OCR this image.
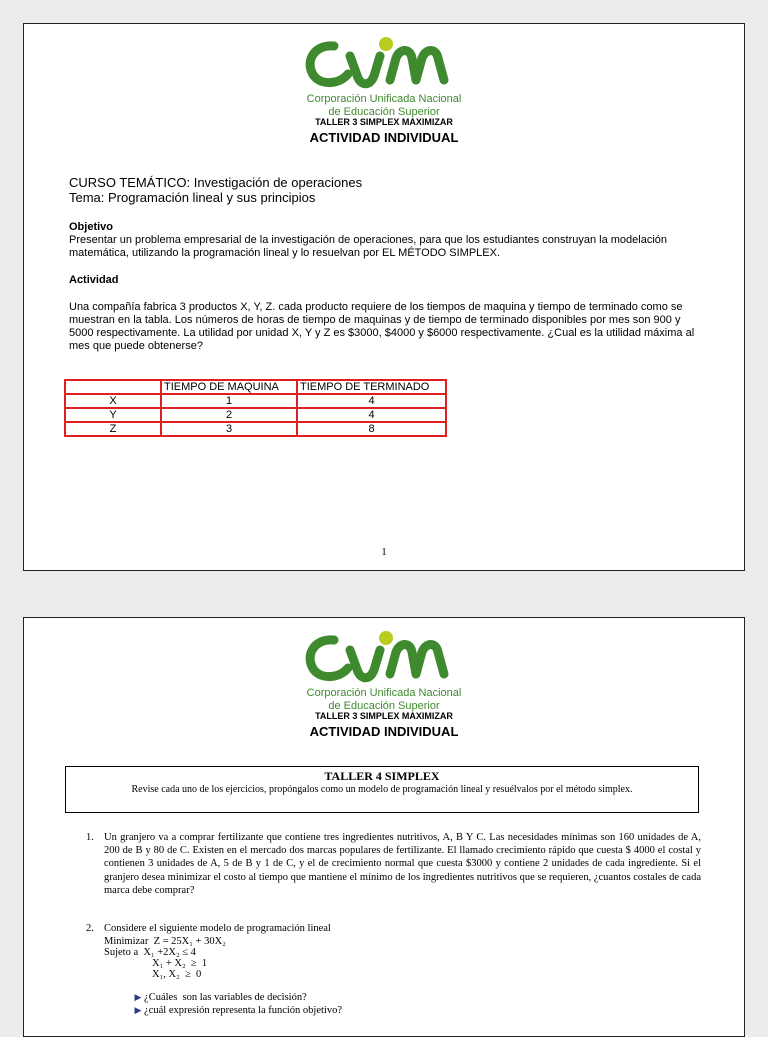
Corporación Unificada Nacional
de Educación Superior
TALLER 3 SIMPLEX MAXIMIZAR
ACTIVIDAD INDIVIDUAL
CURSO TEMÁTICO: Investigación de operaciones
Tema: Programación lineal y sus principios
Objetivo
Presentar un problema empresarial de la investigación de operaciones, para que los estudiantes construyan la modelación matemática, utilizando la programación lineal y lo resuelvan por EL MÉTODO SIMPLEX.
Actividad
Una compañía fabrica 3 productos X, Y, Z. cada producto requiere de los tiempos de maquina y tiempo de terminado como se muestran en la tabla. Los números de horas de tiempo de maquinas y de tiempo de terminado disponibles por mes son 900 y 5000 respectivamente. La utilidad por unidad X, Y y Z es $3000, $4000 y $6000 respectivamente. ¿Cual es la utilidad máxima al mes que puede obtenerse?
	TIEMPO DE MAQUINA	TIEMPO DE TERMINADO
X	1	4
Y	2	4
Z	3	8
1
Corporación Unificada Nacional
de Educación Superior
TALLER 3 SIMPLEX MAXIMIZAR
ACTIVIDAD INDIVIDUAL
TALLER 4 SIMPLEX
Revise cada uno de los ejercicios, propóngalos como un modelo de programación lineal y resuélvalos por el método simplex.
1. Un granjero va a comprar fertilizante que contiene tres ingredientes nutritivos, A, B Y C. Las necesidades mínimas son 160 unidades de A, 200 de B y 80 de C. Existen en el mercado dos marcas populares de fertilizante. El llamado crecimiento rápido que cuesta $ 4000 el costal y contienen 3 unidades de A, 5 de B y 1 de C, y el de crecimiento normal que cuesta $3000 y contiene 2 unidades de cada ingrediente. Si el granjero desea minimizar el costo al tiempo que mantiene el mínimo de los ingredientes nutritivos que se requieren, ¿cuantos costales de cada marca debe comprar?
2. Considere el siguiente modelo de programación lineal
Minimizar  Z = 25X₁ + 30X₂
Sujeto a  X₁ +2X₂ ≤ 4
X₁ + X₂  ≥  1
X₁, X₂  ≥  0

▶ ¿Cuáles  son las variables de decisión?

▶ ¿cuál expresión representa la función objetivo?
